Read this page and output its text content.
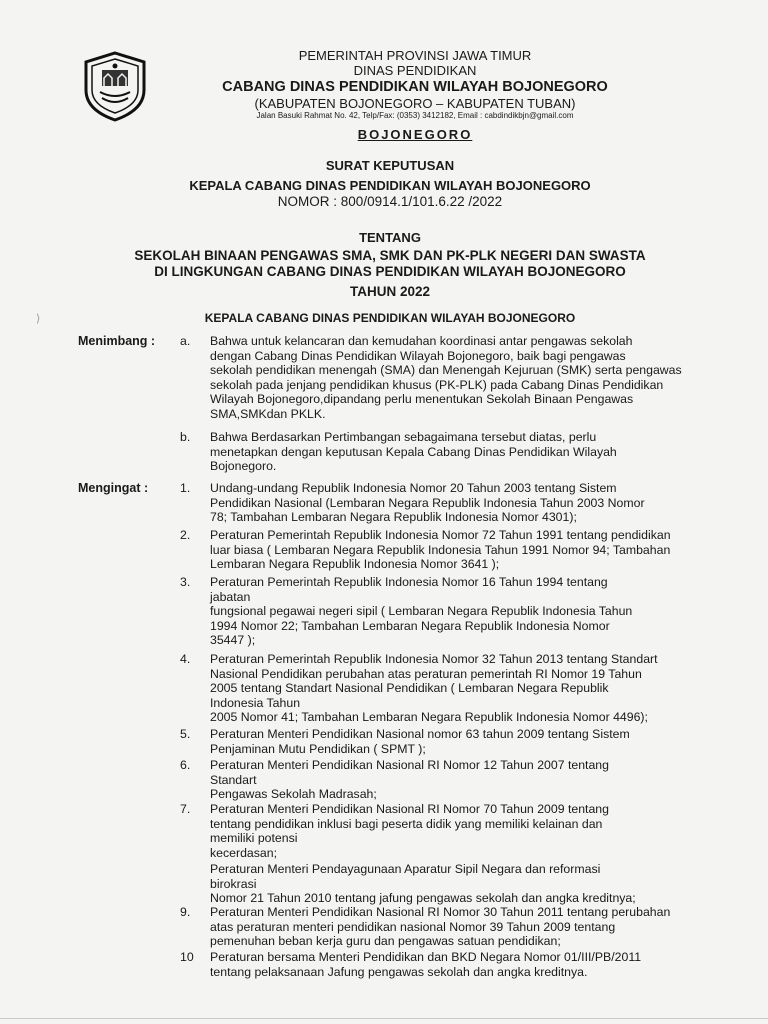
PEMERINTAH PROVINSI JAWA TIMUR
DINAS PENDIDIKAN
CABANG DINAS PENDIDIKAN WILAYAH BOJONEGORO
(KABUPATEN BOJONEGORO – KABUPATEN TUBAN)
Jalan Basuki Rahmat No. 42, Telp/Fax: (0353) 3412182, Email : cabdindikbjn@gmail.com
BOJONEGORO
SURAT KEPUTUSAN
KEPALA CABANG DINAS PENDIDIKAN WILAYAH BOJONEGORO
NOMOR : 800/0914.1/101.6.22 /2022
TENTANG
SEKOLAH BINAAN PENGAWAS SMA, SMK DAN PK-PLK NEGERI DAN SWASTA
DI LINGKUNGAN CABANG DINAS PENDIDIKAN WILAYAH BOJONEGORO
TAHUN 2022
KEPALA CABANG DINAS PENDIDIKAN WILAYAH BOJONEGORO
⟩
Menimbang : a.	Bahwa untuk kelancaran dan kemudahan koordinasi antar pengawas sekolah
dengan Cabang Dinas Pendidikan Wilayah Bojonegoro, baik bagi pengawas
sekolah pendidikan menengah (SMA) dan Menengah Kejuruan (SMK) serta pengawas
sekolah pada jenjang pendidikan khusus (PK-PLK) pada Cabang Dinas Pendidikan
Wilayah Bojonegoro,dipandang perlu menentukan Sekolah Binaan Pengawas
SMA,SMKdan PKLK.
b.	Bahwa Berdasarkan Pertimbangan sebagaimana tersebut diatas, perlu
menetapkan dengan keputusan Kepala Cabang Dinas Pendidikan Wilayah
Bojonegoro.
Mengingat :	1.	Undang-undang Republik Indonesia Nomor 20 Tahun 2003 tentang Sistem
Pendidikan Nasional (Lembaran Negara Republik Indonesia Tahun 2003 Nomor
78; Tambahan Lembaran Negara Republik Indonesia Nomor 4301);
2.	Peraturan Pemerintah Republik Indonesia Nomor 72 Tahun 1991 tentang pendidikan
luar biasa ( Lembaran Negara Republik Indonesia Tahun 1991 Nomor 94; Tambahan
Lembaran Negara Republik Indonesia Nomor 3641 );
3.	Peraturan Pemerintah Republik Indonesia Nomor 16 Tahun 1994 tentang
jabatan
fungsional pegawai negeri sipil ( Lembaran Negara Republik Indonesia Tahun
1994 Nomor 22; Tambahan Lembaran Negara Republik Indonesia Nomor
35447 );
4.	Peraturan Pemerintah Republik Indonesia Nomor 32 Tahun 2013 tentang Standart
Nasional Pendidikan perubahan atas peraturan pemerintah RI Nomor 19 Tahun
2005 tentang Standart Nasional Pendidikan ( Lembaran Negara Republik
Indonesia Tahun
2005 Nomor 41; Tambahan Lembaran Negara Republik Indonesia Nomor 4496);
5.	Peraturan Menteri Pendidikan Nasional nomor 63 tahun 2009 tentang Sistem
Penjaminan Mutu Pendidikan ( SPMT );
6.	Peraturan Menteri Pendidikan Nasional RI Nomor 12 Tahun 2007 tentang
Standart
Pengawas Sekolah Madrasah;
7.	Peraturan Menteri Pendidikan Nasional RI Nomor 70 Tahun 2009 tentang
tentang pendidikan inklusi bagi peserta didik yang memiliki kelainan dan
memiliki potensi
kecerdasan;
Peraturan Menteri Pendayagunaan Aparatur Sipil Negara dan reformasi
birokrasi
Nomor 21 Tahun 2010 tentang jafung pengawas sekolah dan angka kreditnya;
9.	Peraturan Menteri Pendidikan Nasional RI Nomor 30 Tahun 2011 tentang perubahan
atas peraturan menteri pendidikan nasional Nomor 39 Tahun 2009 tentang
pemenuhan beban kerja guru dan pengawas satuan pendidikan;
10	Peraturan bersama Menteri Pendidikan dan BKD Negara Nomor 01/III/PB/2011
tentang pelaksanaan Jafung pengawas sekolah dan angka kreditnya.
